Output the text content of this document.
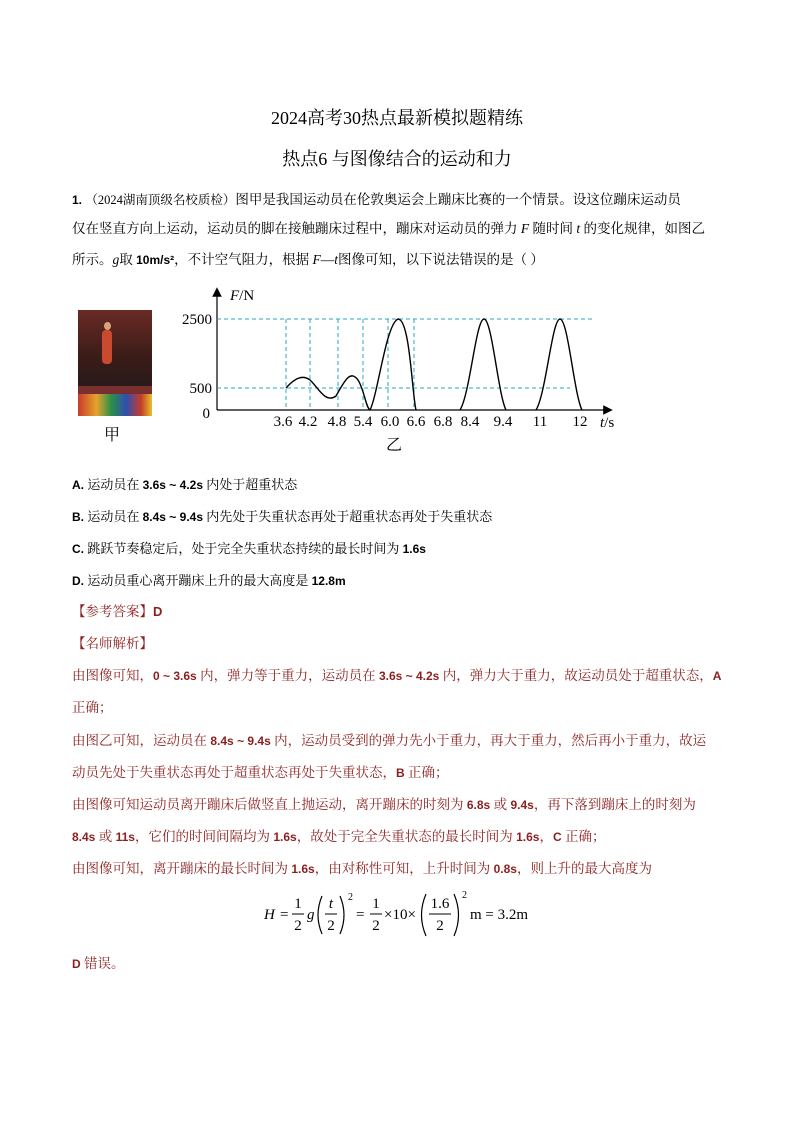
2024高考30热点最新模拟题精练
热点6 与图像结合的运动和力
1. （2024湖南顶级名校质检）图甲是我国运动员在伦敦奥运会上蹦床比赛的一个情景。设这位蹦床运动员
仅在竖直方向上运动，运动员的脚在接触蹦床过程中，蹦床对运动员的弹力 F 随时间 t 的变化规律，如图乙
所示。g取 10m/s²，不计空气阻力，根据 F—t图像可知，以下说法错误的是（ ）
甲
F/N
2500
500
0	3.6 4.2 4.8 5.4 6.0 6.6 6.8 8.4 9.4 11 12 t/s
乙
A. 运动员在 3.6s ~ 4.2s 内处于超重状态
B. 运动员在 8.4s ~ 9.4s 内先处于失重状态再处于超重状态再处于失重状态
C. 跳跃节奏稳定后，处于完全失重状态持续的最长时间为 1.6s
D. 运动员重心离开蹦床上升的最大高度是 12.8m
【参考答案】D
【名师解析】
由图像可知，0 ~ 3.6s 内，弹力等于重力，运动员在 3.6s ~ 4.2s 内，弹力大于重力，故运动员处于超重状态，A
正确；
由图乙可知，运动员在 8.4s ~ 9.4s 内，运动员受到的弹力先小于重力，再大于重力，然后再小于重力，故运
动员先处于失重状态再处于超重状态再处于失重状态，B 正确；
由图像可知运动员离开蹦床后做竖直上抛运动，离开蹦床的时刻为 6.8s 或 9.4s，再下落到蹦床上的时刻为
8.4s 或 11s，它们的时间间隔均为 1.6s，故处于完全失重状态的最长时间为 1.6s，C 正确；
由图像可知，离开蹦床的最长时间为 1.6s，由对称性可知，上升时间为 0.8s，则上升的最大高度为
H =
1
2
g
t
2
2
=
1
2
×10×
1.6
2
2
m = 3.2m
D 错误。
